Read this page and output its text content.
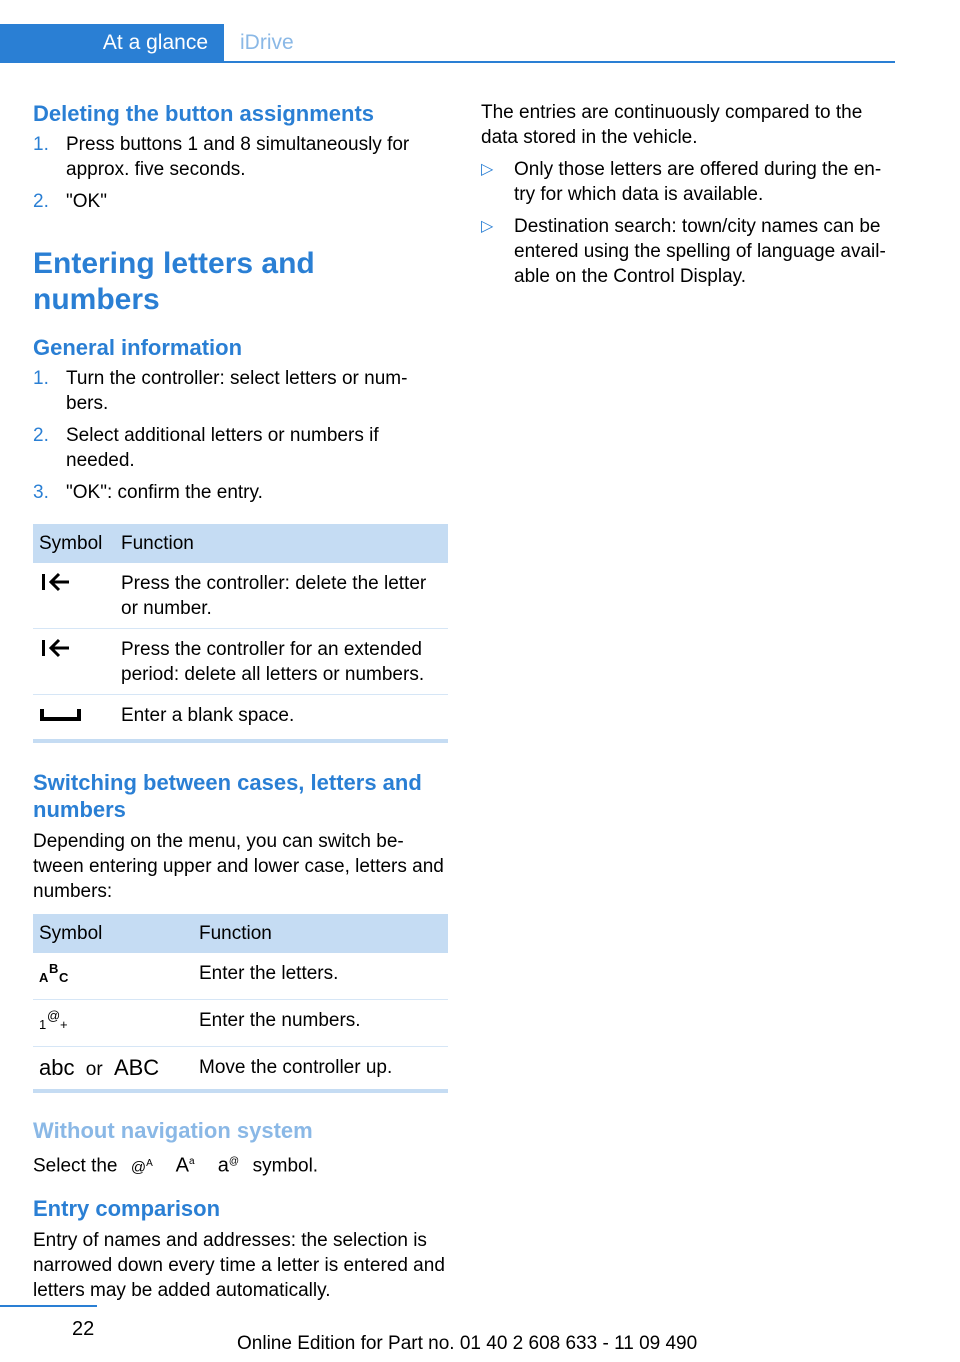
At a glance iDrive
Deleting the button assignments
1. Press buttons 1 and 8 simultaneously for approx. five seconds.
2. "OK"
Entering letters and numbers
General information
1. Turn the controller: select letters or num-bers.
2. Select additional letters or numbers if needed.
3. "OK": confirm the entry.
Symbol	Function
	Press the controller: delete the letter or number.
	Press the controller for an extended period: delete all letters or numbers.
	Enter a blank space.
Switching between cases, letters and numbers

Depending on the menu, you can switch be-tween entering upper and lower case, letters and numbers:

Symbol	Function

A
B
C	Enter the letters.

1
@
+	Enter the numbers.
abc or ABC	Move the controller up.
Without navigation system

Select the @$^A$ $A^a$ a@ symbol.

Entry comparison

Entry of names and addresses: the selection is narrowed down every time a letter is entered and letters may be added automatically.

The entries are continuously compared to the data stored in the vehicle.

▷ Only those letters are offered during the en-try for which data is available.
▷ Destination search: town/city names can be entered using the spelling of language avail-able on the Control Display.
22
Online Edition for Part no. 01 40 2 608 633 - 11 09 490
